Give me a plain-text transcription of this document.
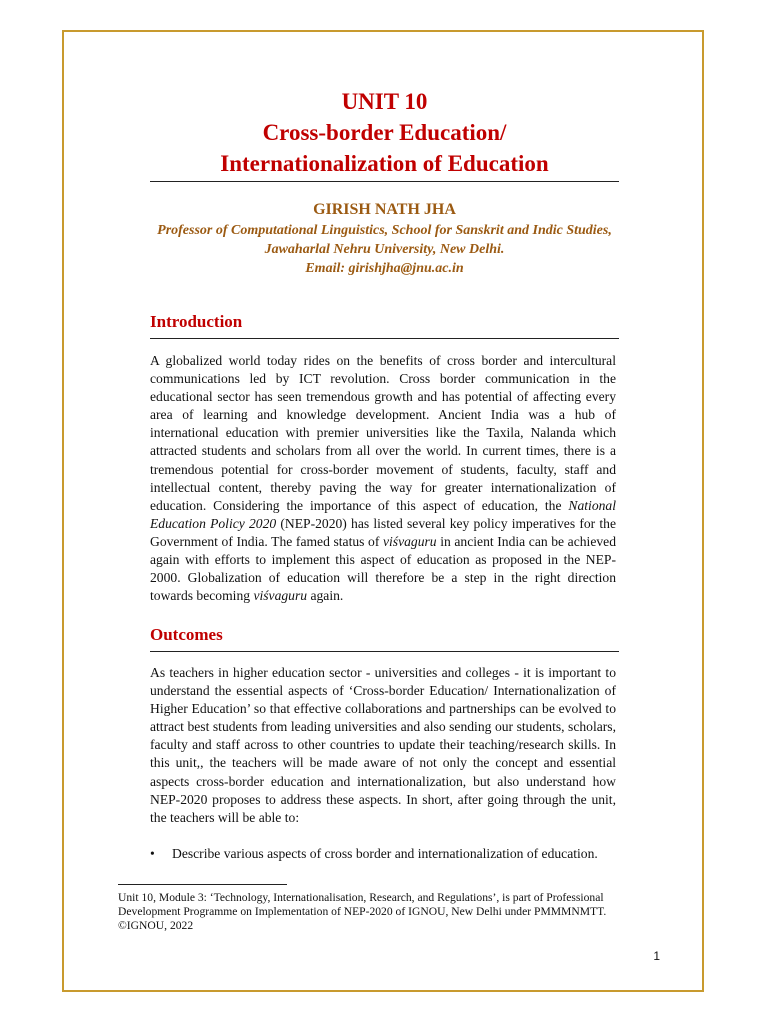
UNIT 10
Cross-border Education/
Internationalization of Education
GIRISH NATH JHA
Professor of Computational Linguistics, School for Sanskrit and Indic Studies,
Jawaharlal Nehru University, New Delhi.
Email: girishjha@jnu.ac.in
Introduction
A globalized world today rides on the benefits of cross border and intercultural communications led by ICT revolution. Cross border communication in the educational sector has seen tremendous growth and has potential of affecting every area of learning and knowledge development. Ancient India was a hub of international education with premier universities like the Taxila, Nalanda which attracted students and scholars from all over the world. In current times, there is a tremendous potential for cross-border movement of students, faculty, staff and intellectual content, thereby paving the way for greater internationalization of education. Considering the importance of this aspect of education, the National Education Policy 2020 (NEP-2020) has listed several key policy imperatives for the Government of India. The famed status of viśvaguru in ancient India can be achieved again with efforts to implement this aspect of education as proposed in the NEP-2000. Globalization of education will therefore be a step in the right direction towards becoming viśvaguru again.
Outcomes
As teachers in higher education sector - universities and colleges - it is important to understand the essential aspects of ‘Cross-border Education/ Internationalization of Higher Education’ so that effective collaborations and partnerships can be evolved to attract best students from leading universities and also sending our students, scholars, faculty and staff across to other countries to update their teaching/research skills. In this unit,, the teachers will be made aware of not only the concept and essential aspects cross-border education and internationalization, but also understand how NEP-2020 proposes to address these aspects. In short, after going through the unit, the teachers will be able to:
• Describe various aspects of cross border and internationalization of education.
Unit 10, Module 3: ‘Technology, Internationalisation, Research, and Regulations’, is part of Professional Development Programme on Implementation of NEP-2020 of IGNOU, New Delhi under PMMMNMTT. ©IGNOU, 2022
1
